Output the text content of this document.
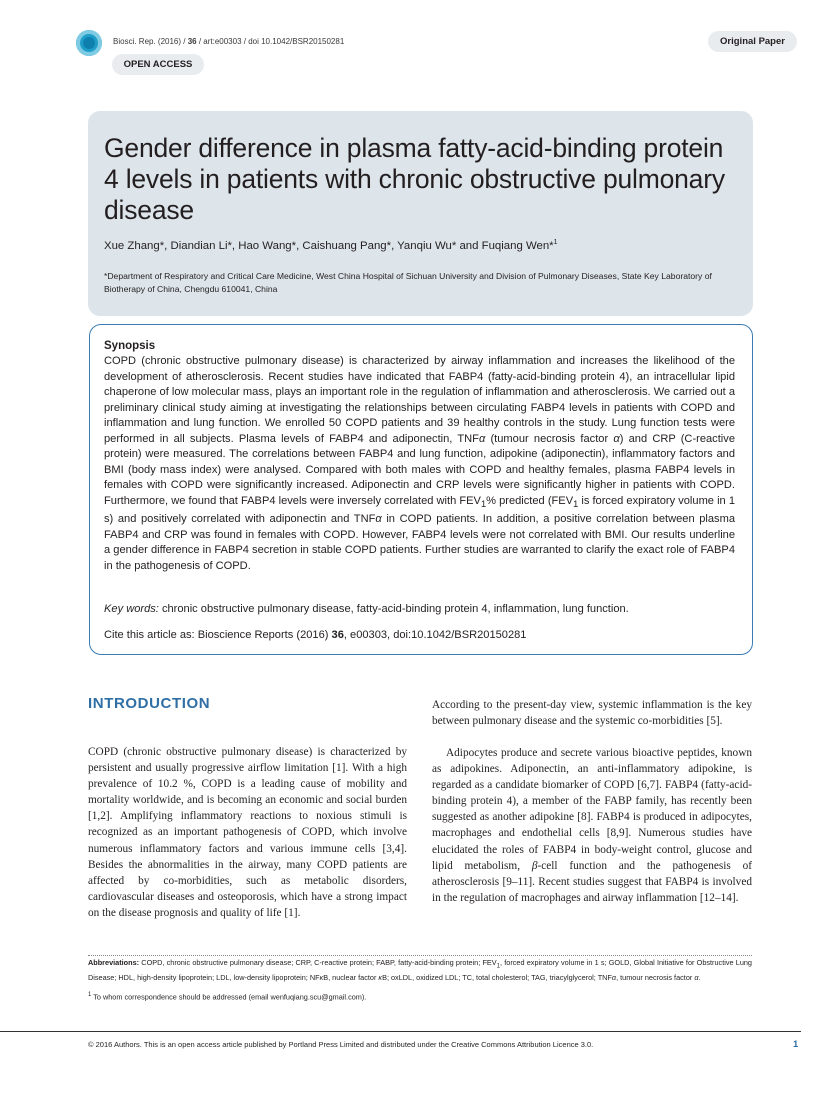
Biosci. Rep. (2016) / 36 / art:e00303 / doi 10.1042/BSR20150281
OPEN ACCESS
Original Paper
Gender difference in plasma fatty-acid-binding protein 4 levels in patients with chronic obstructive pulmonary disease
Xue Zhang*, Diandian Li*, Hao Wang*, Caishuang Pang*, Yanqiu Wu* and Fuqiang Wen*$^1$
*Department of Respiratory and Critical Care Medicine, West China Hospital of Sichuan University and Division of Pulmonary Diseases, State Key Laboratory of Biotherapy of China, Chengdu 610041, China
Synopsis

COPD (chronic obstructive pulmonary disease) is characterized by airway inflammation and increases the likelihood of the development of atherosclerosis. Recent studies have indicated that FABP4 (fatty-acid-binding protein 4), an intracellular lipid chaperone of low molecular mass, plays an important role in the regulation of inflammation and atherosclerosis. We carried out a preliminary clinical study aiming at investigating the relationships between circulating FABP4 levels in patients with COPD and inflammation and lung function. We enrolled 50 COPD patients and 39 healthy controls in the study. Lung function tests were performed in all subjects. Plasma levels of FABP4 and adiponectin, TNFα (tumour necrosis factor α) and CRP (C-reactive protein) were measured. The correlations between FABP4 and lung function, adipokine (adiponectin), inflammatory factors and BMI (body mass index) were analysed. Compared with both males with COPD and healthy females, plasma FABP4 levels in females with COPD were significantly increased. Adiponectin and CRP levels were significantly higher in patients with COPD. Furthermore, we found that FABP4 levels were inversely correlated with $FEV_1\%$ predicted ($FEV_1$ is forced expiratory volume in 1 s) and positively correlated with adiponectin and TNFα in COPD patients. In addition, a positive correlation between plasma FABP4 and CRP was found in females with COPD. However, FABP4 levels were not correlated with BMI. Our results underline a gender difference in FABP4 secretion in stable COPD patients. Further studies are warranted to clarify the exact role of FABP4 in the pathogenesis of COPD.

Key words: chronic obstructive pulmonary disease, fatty-acid-binding protein 4, inflammation, lung function.
Cite this article as: Bioscience Reports (2016) 36, e00303, doi:10.1042/BSR20150281
INTRODUCTION

COPD (chronic obstructive pulmonary disease) is characterized by persistent and usually progressive airflow limitation [1]. With a high prevalence of 10.2 %, COPD is a leading cause of mobility and mortality worldwide, and is becoming an economic and social burden [1,2]. Amplifying inflammatory reactions to noxious stimuli is recognized as an important pathogenesis of COPD, which involve numerous inflammatory factors and various immune cells [3,4]. Besides the abnormalities in the airway, many COPD patients are affected by co-morbidities, such as metabolic disorders, cardiovascular diseases and osteoporosis, which have a strong impact on the disease prognosis and quality of life [1].

According to the present-day view, systemic inflammation is the key between pulmonary disease and the systemic co-morbidities [5].

Adipocytes produce and secrete various bioactive peptides, known as adipokines. Adiponectin, an anti-inflammatory adipokine, is regarded as a candidate biomarker of COPD [6,7]. FABP4 (fatty-acid-binding protein 4), a member of the FABP family, has recently been suggested as another adipokine [8]. FABP4 is produced in adipocytes, macrophages and endothelial cells [8,9]. Numerous studies have elucidated the roles of FABP4 in body-weight control, glucose and lipid metabolism, β-cell function and the pathogenesis of atherosclerosis [9–11]. Recent studies suggest that FABP4 is involved in the regulation of macrophages and airway inflammation [12–14].

Abbreviations: COPD, chronic obstructive pulmonary disease; CRP, C-reactive protein; FABP, fatty-acid-binding protein; $FEV_1$, forced expiratory volume in 1 s; GOLD, Global Initiative for Obstructive Lung Disease; HDL, high-density lipoprotein; LDL, low-density lipoprotein; NFκB, nuclear factor κB; oxLDL, oxidized LDL; TC, total cholesterol; TAG, triacylglycerol; TNFα, tumour necrosis factor α.

$^1$ To whom correspondence should be addressed (email wenfuqiang.scu@gmail.com).
© 2016 Authors. This is an open access article published by Portland Press Limited and distributed under the Creative Commons Attribution Licence 3.0.	1
